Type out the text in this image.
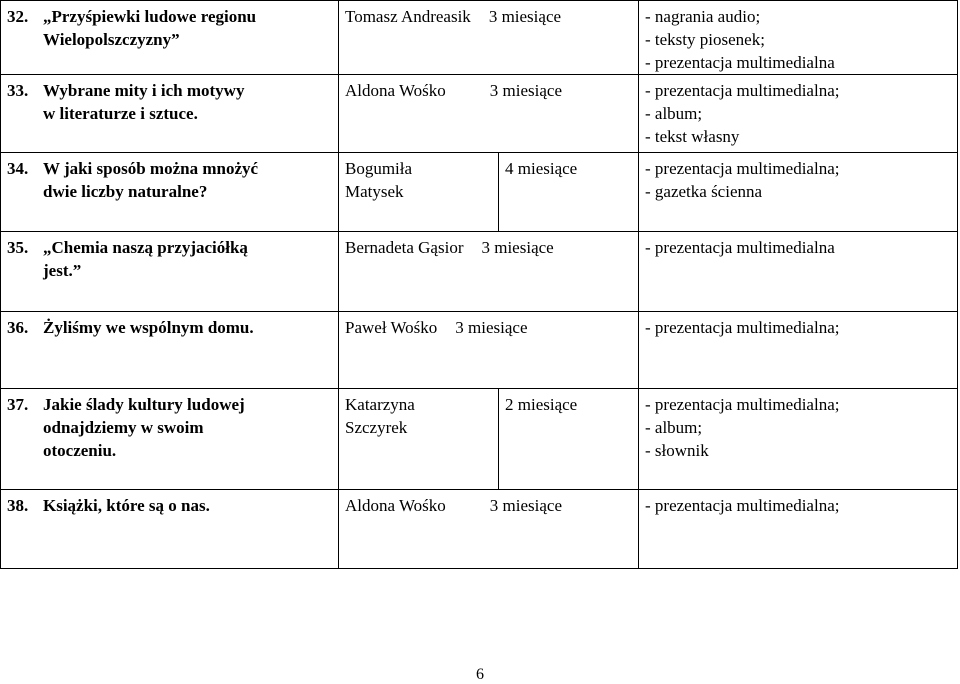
32. „Przyśpiewki ludowe regionu
Wielopolszczyzny”	Tomasz Andreasik 3 miesiące		- nagrania audio;
- teksty piosenek;
- prezentacja multimedialna

33. Wybrane mity i ich motywy
w literaturze i sztuce.	Aldona Wośko 3 miesiące		- prezentacja multimedialna;
- album;
- tekst własny

34. W jaki sposób można mnożyć
dwie liczby naturalne?	Bogumiła
Matysek	4 miesiące	- prezentacja multimedialna;
- gazetka ścienna

35. „Chemia naszą przyjaciółką
jest.”	Bernadeta Gąsior 3 miesiące		- prezentacja multimedialna

36. Żyliśmy we wspólnym domu.	Paweł Wośko 3 miesiące		- prezentacja multimedialna;

37. Jakie ślady kultury ludowej
odnajdziemy w swoim
otoczeniu.	Katarzyna
Szczyrek	2 miesiące	- prezentacja multimedialna;
- album;
- słownik

38. Książki, które są o nas.	Aldona Wośko 3 miesiące		- prezentacja multimedialna;
6
